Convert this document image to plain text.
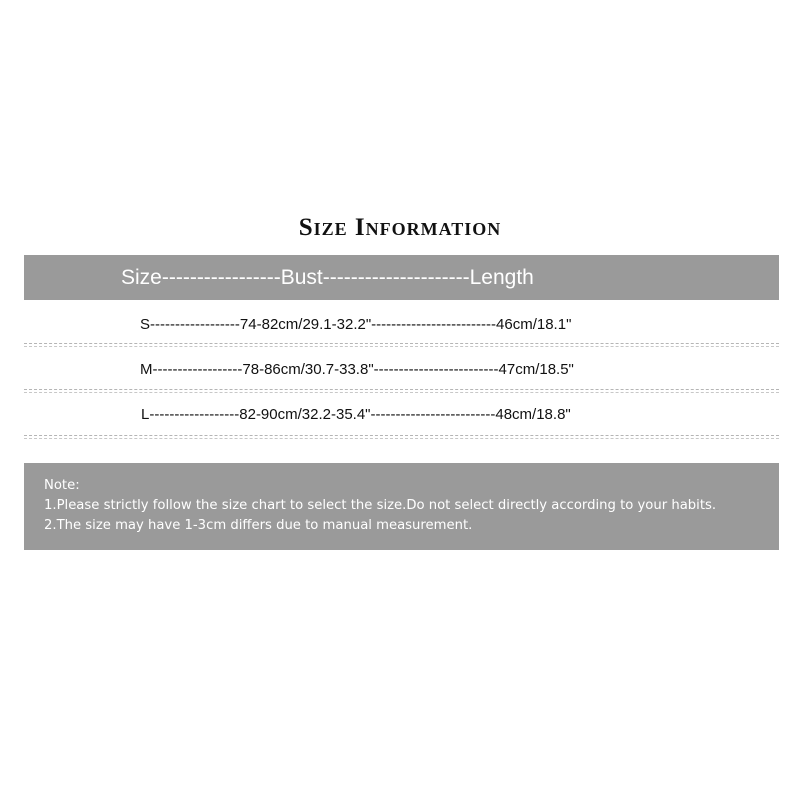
Size Information
Size-----------------Bust---------------------Length
S------------------74-82cm/29.1-32.2"-------------------------46cm/18.1"
M------------------78-86cm/30.7-33.8"-------------------------47cm/18.5"
L------------------82-90cm/32.2-35.4"-------------------------48cm/18.8"
Note:
1.Please strictly follow the size chart to select the size.Do not select directly according to your habits.
2.The size may have 1-3cm differs due to manual measurement.
